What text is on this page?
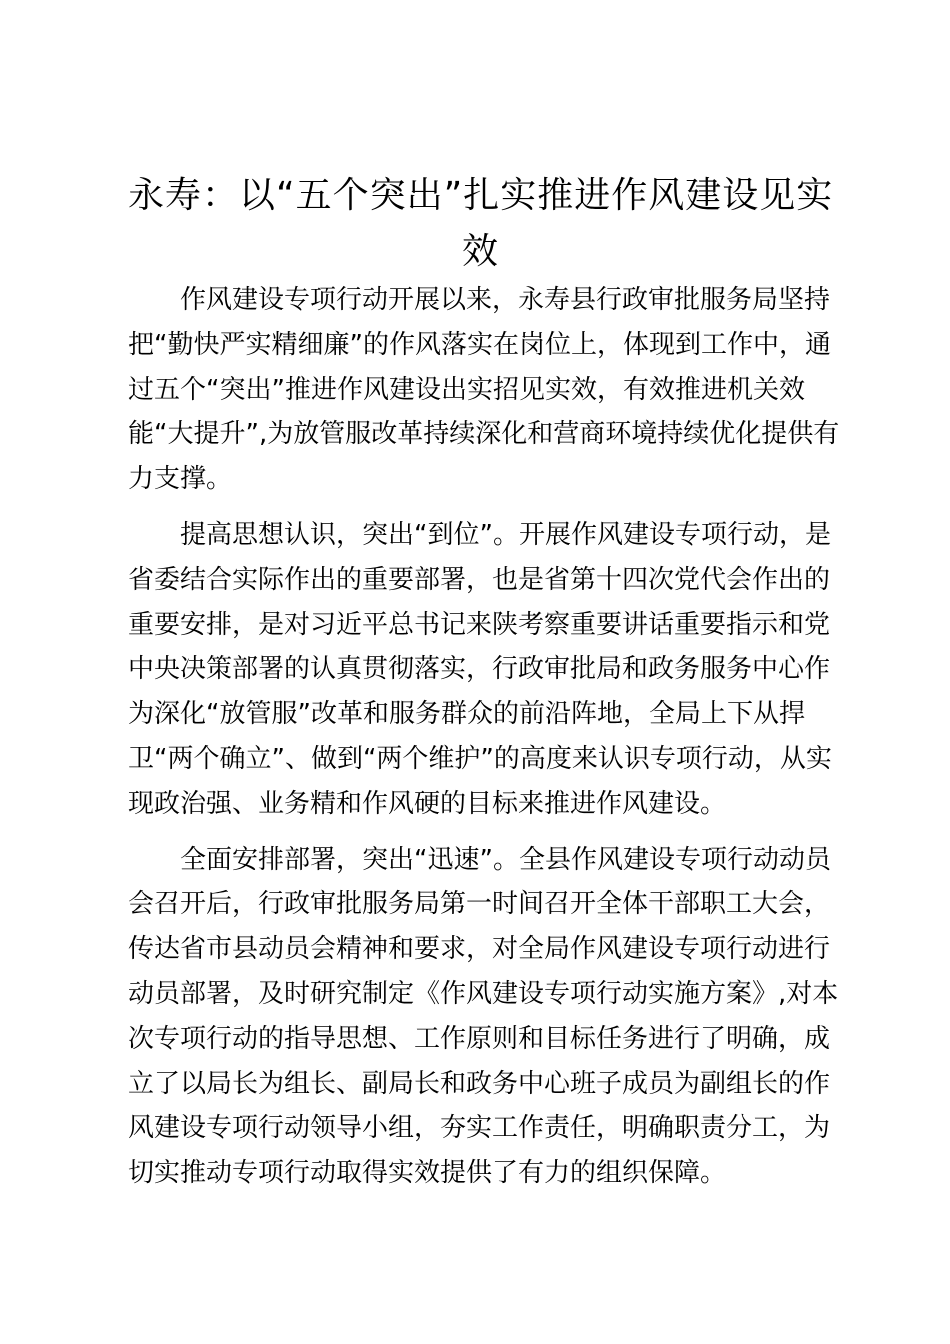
永寿：以“五个突出”扎实推进作风建设见实
效

作风建设专项行动开展以来，永寿县行政审批服务局坚持
把“勤快严实精细廉”的作风落实在岗位上，体现到工作中，通
过五个“突出”推进作风建设出实招见实效，有效推进机关效
能“大提升”,为放管服改革持续深化和营商环境持续优化提供有
力支撑。

提高思想认识，突出“到位”。开展作风建设专项行动，是
省委结合实际作出的重要部署，也是省第十四次党代会作出的
重要安排，是对习近平总书记来陕考察重要讲话重要指示和党
中央决策部署的认真贯彻落实，行政审批局和政务服务中心作
为深化“放管服”改革和服务群众的前沿阵地，全局上下从捍
卫“两个确立”、做到“两个维护”的高度来认识专项行动，从实
现政治强、业务精和作风硬的目标来推进作风建设。

全面安排部署，突出“迅速”。全县作风建设专项行动动员
会召开后，行政审批服务局第一时间召开全体干部职工大会，
传达省市县动员会精神和要求，对全局作风建设专项行动进行
动员部署，及时研究制定《作风建设专项行动实施方案》,对本
次专项行动的指导思想、工作原则和目标任务进行了明确，成
立了以局长为组长、副局长和政务中心班子成员为副组长的作
风建设专项行动领导小组，夯实工作责任，明确职责分工，为
切实推动专项行动取得实效提供了有力的组织保障。
